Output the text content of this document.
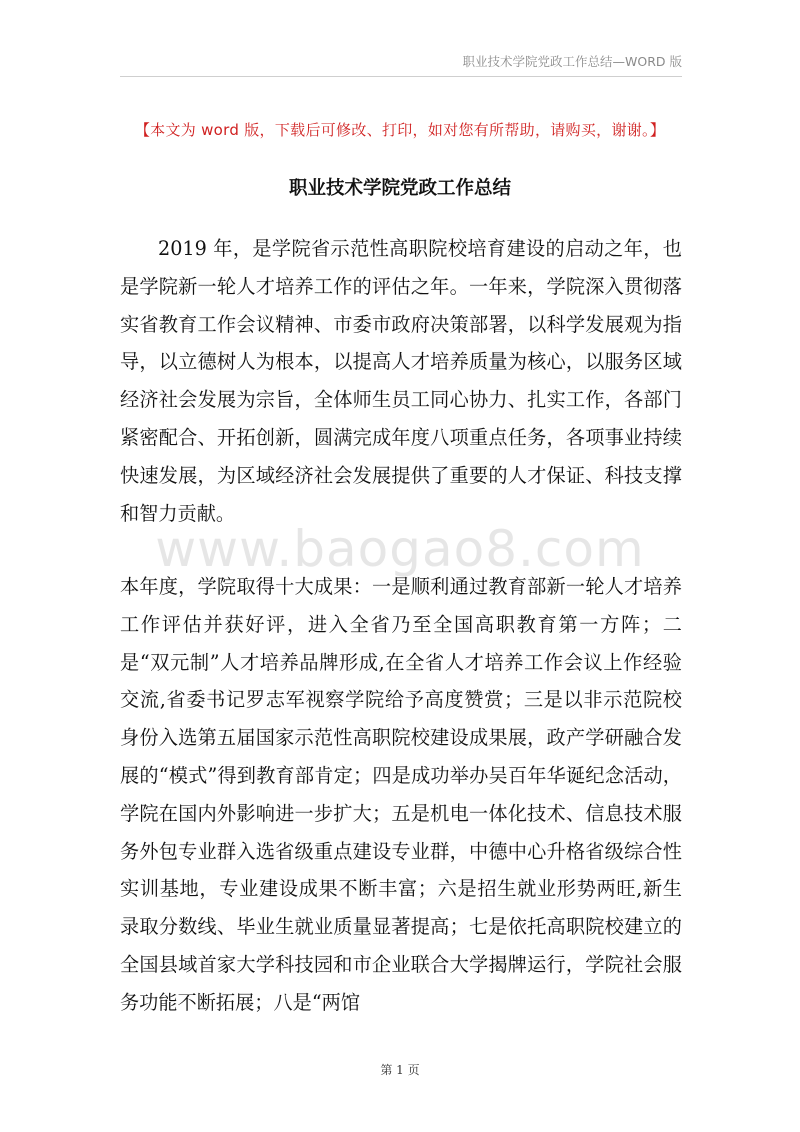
职业技术学院党政工作总结—WORD 版
【本文为 word 版，下载后可修改、打印，如对您有所帮助，请购买，谢谢。】
职业技术学院党政工作总结
2019 年，是学院省示范性高职院校培育建设的启动之年，也是学院新一轮人才培养工作的评估之年。一年来，学院深入贯彻落实省教育工作会议精神、市委市政府决策部署，以科学发展观为指导，以立德树人为根本，以提高人才培养质量为核心，以服务区域经济社会发展为宗旨，全体师生员工同心协力、扎实工作，各部门紧密配合、开拓创新，圆满完成年度八项重点任务，各项事业持续快速发展，为区域经济社会发展提供了重要的人才保证、科技支撑和智力贡献。
www.baogao8.com
本年度，学院取得十大成果：一是顺利通过教育部新一轮人才培养工作评估并获好评，进入全省乃至全国高职教育第一方阵；二是“双元制”人才培养品牌形成,在全省人才培养工作会议上作经验交流,省委书记罗志军视察学院给予高度赞赏；三是以非示范院校身份入选第五届国家示范性高职院校建设成果展，政产学研融合发展的“模式”得到教育部肯定；四是成功举办吴百年华诞纪念活动，学院在国内外影响进一步扩大；五是机电一体化技术、信息技术服务外包专业群入选省级重点建设专业群，中德中心升格省级综合性实训基地，专业建设成果不断丰富；六是招生就业形势两旺,新生录取分数线、毕业生就业质量显著提高；七是依托高职院校建立的全国县域首家大学科技园和市企业联合大学揭牌运行，学院社会服务功能不断拓展；八是“两馆
第 1 页
